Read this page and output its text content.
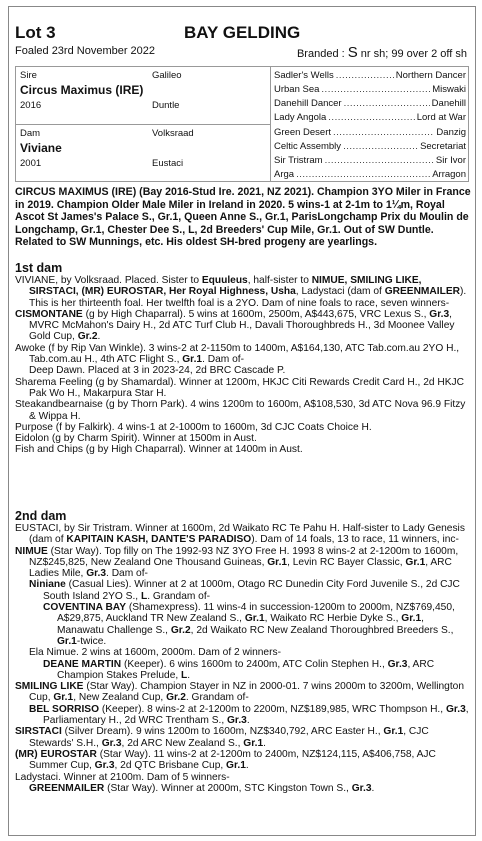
Lot 3	BAY GELDING
Foaled 23rd November 2022	Branded : S nr sh; 99 over 2 off sh
Sire	Galileo
Circus Maximus (IRE)
2016	Duntle
Dam	Volksraad
Viviane
2001	Eustaci
Sadler's Wells .....	Northern Dancer
Urban Sea .....	Miswaki
Danehill Dancer .....	Danehill
Lady Angola .....	Lord at War
Green Desert .....	Danzig
Celtic Assembly .....	Secretariat
Sir Tristram .....	Sir Ivor
Arga .....	Arragon
CIRCUS MAXIMUS (IRE) (Bay 2016-Stud Ire. 2021, NZ 2021). Champion 3YO Miler in France in 2019. Champion Older Male Miler in Ireland in 2020. 5 wins-1 at 2-1m to 1¼m, Royal Ascot St James's Palace S., Gr.1, Queen Anne S., Gr.1, ParisLongchamp Prix du Moulin de Longchamp, Gr.1, Chester Dee S., L, 2d Breeders' Cup Mile, Gr.1. Out of SW Duntle. Related to SW Munnings, etc. His oldest SH-bred progeny are yearlings.
1st dam

VIVIANE, by Volksraad. Placed. Sister to Equuleus, half-sister to NIMUE, SMILING LIKE, SIRSTACI, (MR) EUROSTAR, Her Royal Highness, Usha, Ladystaci (dam of GREENMAILER). This is her thirteenth foal. Her twelfth foal is a 2YO. Dam of nine foals to race, seven winners-

CISMONTANE (g by High Chaparral). 5 wins at 1600m, 2500m, A$443,675, VRC Lexus S., Gr.3, MVRC McMahon's Dairy H., 2d ATC Turf Club H., Davali Thoroughbreds H., 3d Moonee Valley Gold Cup, Gr.2.

Awoke (f by Rip Van Winkle). 3 wins-2 at 2-1150m to 1400m, A$164,130, ATC Tab.com.au 2YO H., Tab.com.au H., 4th ATC Flight S., Gr.1. Dam of-

Deep Dawn. Placed at 3 in 2023-24, 2d BRC Cascade P.

Sharema Feeling (g by Shamardal). Winner at 1200m, HKJC Citi Rewards Credit Card H., 2d HKJC Pak Wo H., Makarpura Star H.

Steakandbearnaise (g by Thorn Park). 4 wins 1200m to 1600m, A$108,530, 3d ATC Nova 96.9 Fitzy & Wippa H.

Purpose (f by Falkirk). 4 wins-1 at 2-1000m to 1600m, 3d CJC Coats Choice H.

Eidolon (g by Charm Spirit). Winner at 1500m in Aust.

Fish and Chips (g by High Chaparral). Winner at 1400m in Aust.

2nd dam

EUSTACI, by Sir Tristram. Winner at 1600m, 2d Waikato RC Te Pahu H. Half-sister to Lady Genesis (dam of KAPITAIN KASH, DANTE'S PARADISO). Dam of 14 foals, 13 to race, 11 winners, inc-

NIMUE (Star Way). Top filly on The 1992-93 NZ 3YO Free H. 1993 8 wins-2 at 2-1200m to 1600m, NZ$245,825, New Zealand One Thousand Guineas, Gr.1, Levin RC Bayer Classic, Gr.1, ARC Ladies Mile, Gr.3. Dam of-

Niniane (Casual Lies). Winner at 2 at 1000m, Otago RC Dunedin City Ford Juvenile S., 2d CJC South Island 2YO S., L. Grandam of-

COVENTINA BAY (Shamexpress). 11 wins-4 in succession-1200m to 2000m, NZ$769,450, A$29,875, Auckland TR New Zealand S., Gr.1, Waikato RC Herbie Dyke S., Gr.1, Manawatu Challenge S., Gr.2, 2d Waikato RC New Zealand Thoroughbred Breeders S., Gr.1-twice.

Ela Nimue. 2 wins at 1600m, 2000m. Dam of 2 winners-

DEANE MARTIN (Keeper). 6 wins 1600m to 2400m, ATC Colin Stephen H., Gr.3, ARC Champion Stakes Prelude, L.

SMILING LIKE (Star Way). Champion Stayer in NZ in 2000-01. 7 wins 2000m to 3200m, Wellington Cup, Gr.1, New Zealand Cup, Gr.2. Grandam of-

BEL SORRISO (Keeper). 8 wins-2 at 2-1200m to 2200m, NZ$189,985, WRC Thompson H., Gr.3, Parliamentary H., 2d WRC Trentham S., Gr.3.

SIRSTACI (Silver Dream). 9 wins 1200m to 1600m, NZ$340,792, ARC Easter H., Gr.1, CJC Stewards' S.H., Gr.3, 2d ARC New Zealand S., Gr.1.

(MR) EUROSTAR (Star Way). 11 wins-2 at 2-1200m to 2400m, NZ$124,115, A$406,758, AJC Summer Cup, Gr.3, 2d QTC Brisbane Cup, Gr.1.

Ladystaci. Winner at 2100m. Dam of 5 winners-

GREENMAILER (Star Way). Winner at 2000m, STC Kingston Town S., Gr.3.
